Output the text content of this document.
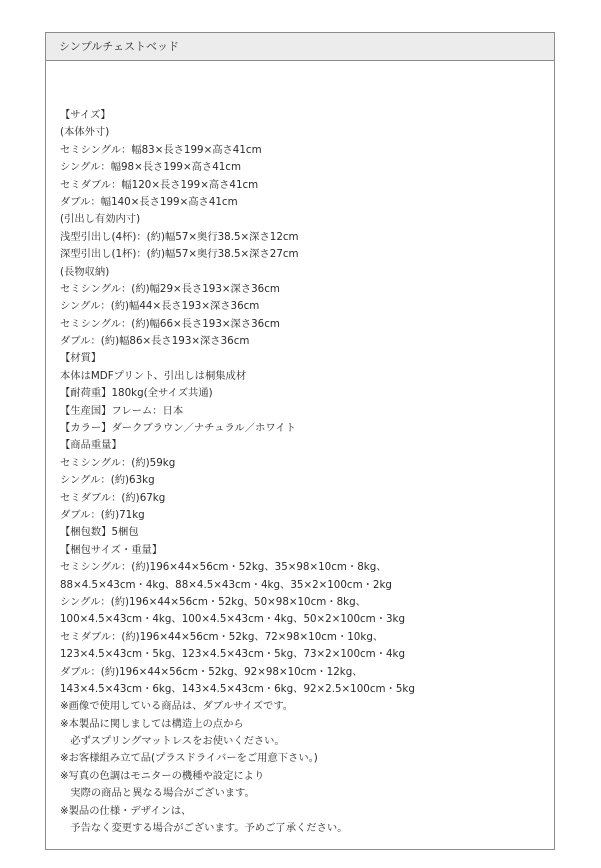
シンプルチェストベッド
【サイズ】
(本体外寸)
セミシングル：幅83×長さ199×高さ41cm
シングル：幅98×長さ199×高さ41cm
セミダブル：幅120×長さ199×高さ41cm
ダブル：幅140×長さ199×高さ41cm
(引出し有効内寸)
浅型引出し(4杯)：(約)幅57×奥行38.5×深さ12cm
深型引出し(1杯)：(約)幅57×奥行38.5×深さ27cm
(長物収納)
セミシングル：(約)幅29×長さ193×深さ36cm
シングル：(約)幅44×長さ193×深さ36cm
セミシングル：(約)幅66×長さ193×深さ36cm
ダブル：(約)幅86×長さ193×深さ36cm
【材質】
本体はMDFプリント、引出しは桐集成材
【耐荷重】180kg(全サイズ共通)
【生産国】フレーム：日本
【カラー】ダークブラウン／ナチュラル／ホワイト
【商品重量】
セミシングル：(約)59kg
シングル：(約)63kg
セミダブル：(約)67kg
ダブル：(約)71kg
【梱包数】5梱包
【梱包サイズ・重量】
セミシングル：(約)196×44×56cm・52kg、35×98×10cm・8kg、
88×4.5×43cm・4kg、88×4.5×43cm・4kg、35×2×100cm・2kg
シングル：(約)196×44×56cm・52kg、50×98×10cm・8kg、
100×4.5×43cm・4kg、100×4.5×43cm・4kg、50×2×100cm・3kg
セミダブル：(約)196×44×56cm・52kg、72×98×10cm・10kg、
123×4.5×43cm・5kg、123×4.5×43cm・5kg、73×2×100cm・4kg
ダブル：(約)196×44×56cm・52kg、92×98×10cm・12kg、
143×4.5×43cm・6kg、143×4.5×43cm・6kg、92×2.5×100cm・5kg
※画像で使用している商品は、ダブルサイズです。
※本製品に関しましては構造上の点から
　必ずスプリングマットレスをお使いください。
※お客様組み立て品(プラスドライバーをご用意下さい。)
※写真の色調はモニターの機種や設定により
　実際の商品と異なる場合がございます。
※製品の仕様・デザインは、
　予告なく変更する場合がございます。予めご了承ください。
